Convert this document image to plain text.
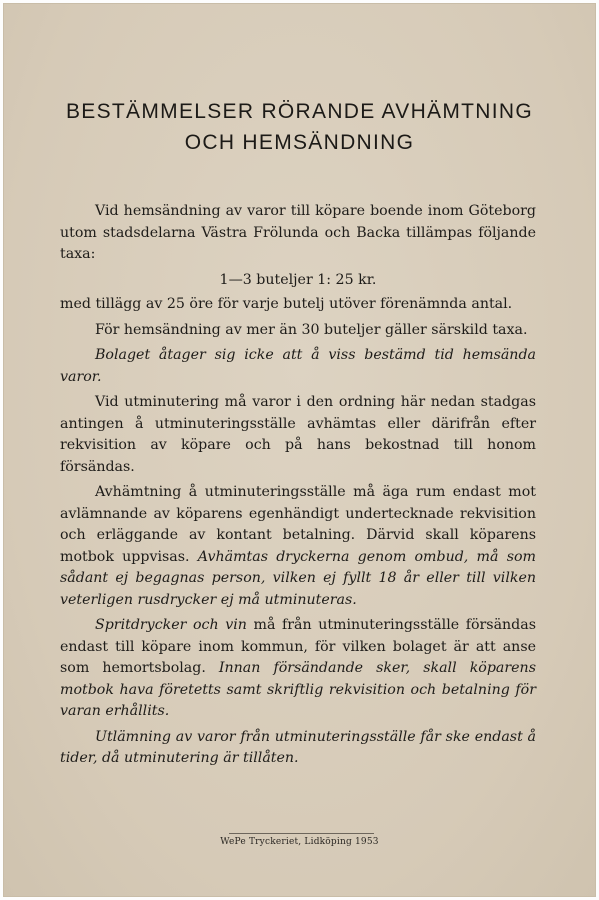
BESTÄMMELSER RÖRANDE AVHÄMTNING
OCH HEMSÄNDNING

Vid hemsändning av varor till köpare boende inom Göteborg utom stadsdelarna Västra Frölunda och Backa tillämpas följande taxa:

1—3 buteljer 1: 25 kr.

med tillägg av 25 öre för varje butelj utöver förenämnda antal.

För hemsändning av mer än 30 buteljer gäller särskild taxa.

Bolaget åtager sig icke att å viss bestämd tid hemsända varor.

Vid utminutering må varor i den ordning här nedan stadgas antingen å utminuteringsställe avhämtas eller därifrån efter rekvisition av köpare och på hans bekostnad till honom försändas.

Avhämtning å utminuteringsställe må äga rum endast mot avlämnande av köparens egenhändigt undertecknade rekvisition och erläggande av kontant betalning. Därvid skall köparens motbok uppvisas. Avhämtas dryckerna genom ombud, må som sådant ej begagnas person, vilken ej fyllt 18 år eller till vilken veterligen rusdrycker ej må utminuteras.

Spritdrycker och vin må från utminuteringsställe försändas endast till köpare inom kommun, för vilken bolaget är att anse som hemortsbolag. Innan försändande sker, skall köparens motbok hava företetts samt skriftlig rekvisition och betalning för varan erhållits.

Utlämning av varor från utminuteringsställe får ske endast å tider, då utminutering är tillåten.

WePe Tryckeriet, Lidköping 1953
